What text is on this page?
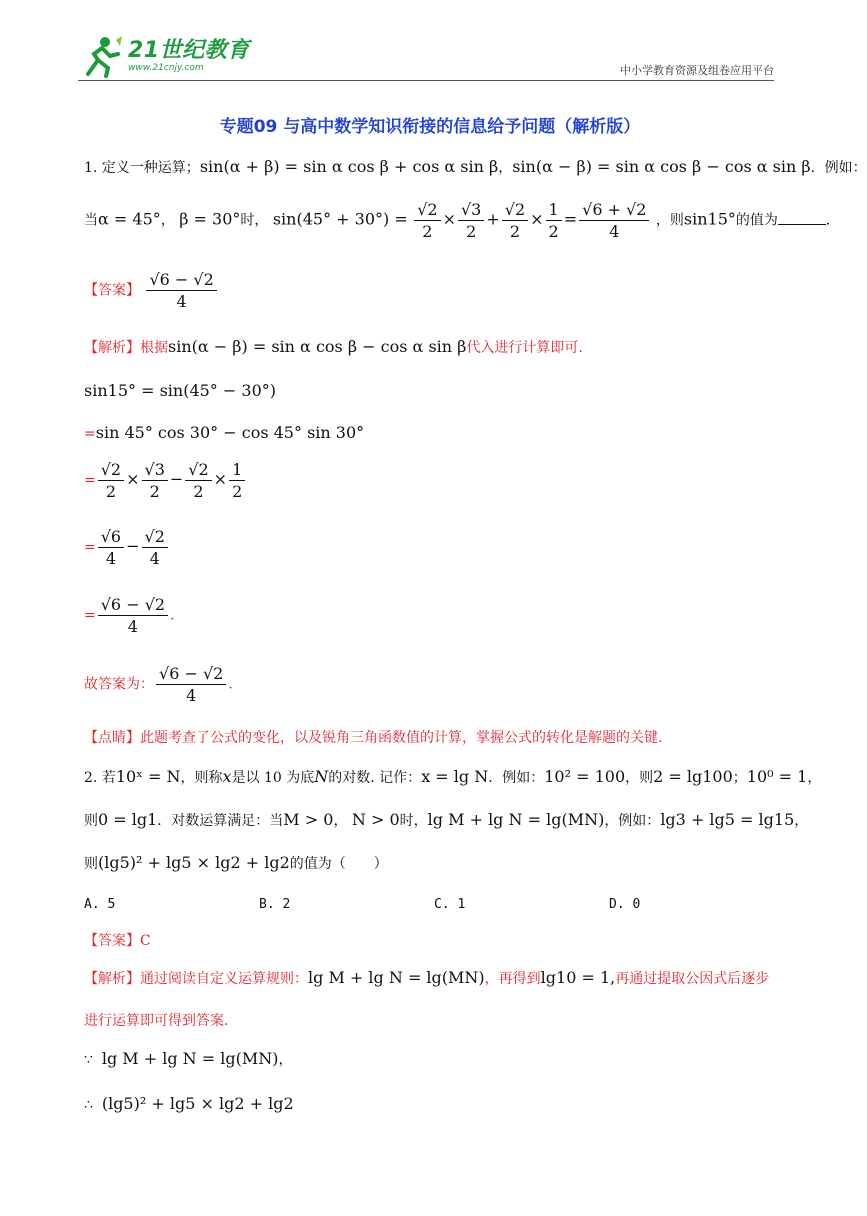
21世纪教育
www.21cnjy.com	中小学教育资源及组卷应用平台
专题09 与高中数学知识衔接的信息给予问题（解析版）
1. 定义一种运算；sin(α + β) = sin α cos β + cos α sin β，sin(α − β) = sin α cos β − cos α sin β．例如：
当α = 45°， β = 30°时， $\sin(45^\circ + 30^\circ) = \frac{√2}{2} \times \frac{√3}{2} + \frac{√2}{2} \times \frac{1}{2} = \frac{√6 + √2}{4}$ ，则sin15°的值为	．
【答案】 $\frac{√6 - √2}{4}$
【解析】根据sin(α − β) = sin α cos β − cos α sin β代入进行计算即可.
sin15° = sin(45° − 30°)
=sin 45° cos 30° − cos 45° sin 30°
= $\frac{√2}{2} \times \frac{√3}{2} - \frac{√2}{2} \times \frac{1}{2}$
= $\frac{√6}{4} - \frac{√2}{4}$
= $\frac{√6 - √2}{4}$ ．
故答案为： $\frac{√6 - √2}{4}$ ．
【点睛】此题考查了公式的变化，以及锐角三角函数值的计算，掌握公式的转化是解题的关键.
2. 若10ˣ = N，则称x是以 10 为底N的对数. 记作：x = lg N．例如：10² = 100，则2 = lg100；10⁰ = 1，
则0 = lg1．对数运算满足：当M > 0， N > 0时，lg M + lg N = lg(MN)，例如：lg3 + lg5 = lg15，
则(lg5)² + lg5 × lg2 + lg2的值为（　　）
A. 5	B. 2	C. 1	D. 0
【答案】C
【解析】通过阅读自定义运算规则：lg M + lg N = lg(MN)，再得到lg10 = 1,再通过提取公因式后逐步
进行运算即可得到答案.
∵ lg M + lg N = lg(MN)，
∴ (lg5)² + lg5 × lg2 + lg2
